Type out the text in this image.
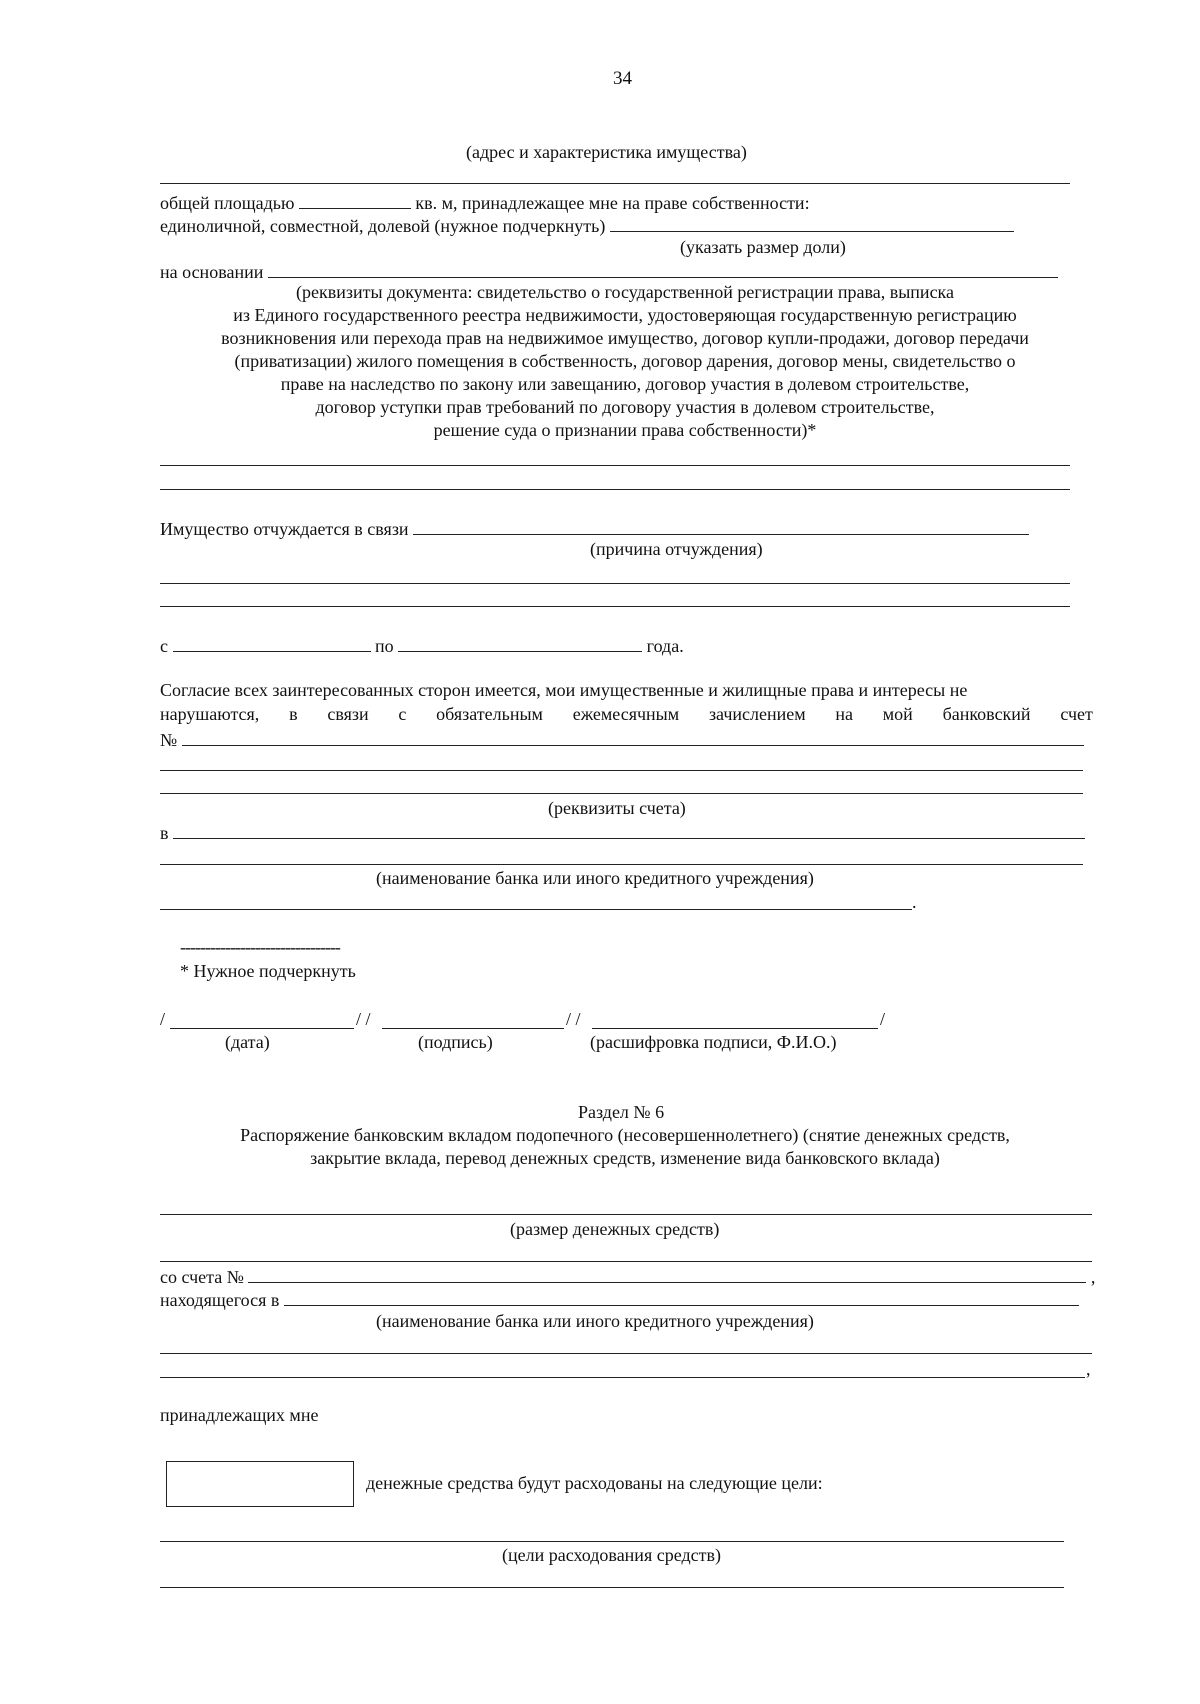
34
(адрес и характеристика имущества)
общей площадью	кв. м, принадлежащее мне на праве собственности:
единоличной, совместной, долевой (нужное подчеркнуть)
(указать размер доли)
на основании
(реквизиты документа: свидетельство о государственной регистрации права, выписка
из Единого государственного реестра недвижимости, удостоверяющая государственную регистрацию
возникновения или перехода прав на недвижимое имущество, договор купли-продажи, договор передачи
(приватизации) жилого помещения в собственность, договор дарения, договор мены, свидетельство о
праве на наследство по закону или завещанию, договор участия в долевом строительстве,
договор уступки прав требований по договору участия в долевом строительстве,
решение суда о признании права собственности)*
Имущество отчуждается в связи
(причина отчуждения)
с	по	года.
Согласие всех заинтересованных сторон имеется, мои имущественные и жилищные права и интересы не
нарушаются, в связи с обязательным ежемесячным зачислением на мой банковский счет
№
(реквизиты счета)
в
(наименование банка или иного кредитного учреждения)
.
--------------------------------
* Нужное подчеркнуть
/	/ /	/ /	/
(дата)	(подпись)	(расшифровка подписи, Ф.И.О.)
Раздел № 6
Распоряжение банковским вкладом подопечного (несовершеннолетнего) (снятие денежных средств,
закрытие вклада, перевод денежных средств, изменение вида банковского вклада)
(размер денежных средств)
со счета №	,
находящегося в
(наименование банка или иного кредитного учреждения)
,
принадлежащих мне
денежные средства будут расходованы на следующие цели:
(цели расходования средств)
